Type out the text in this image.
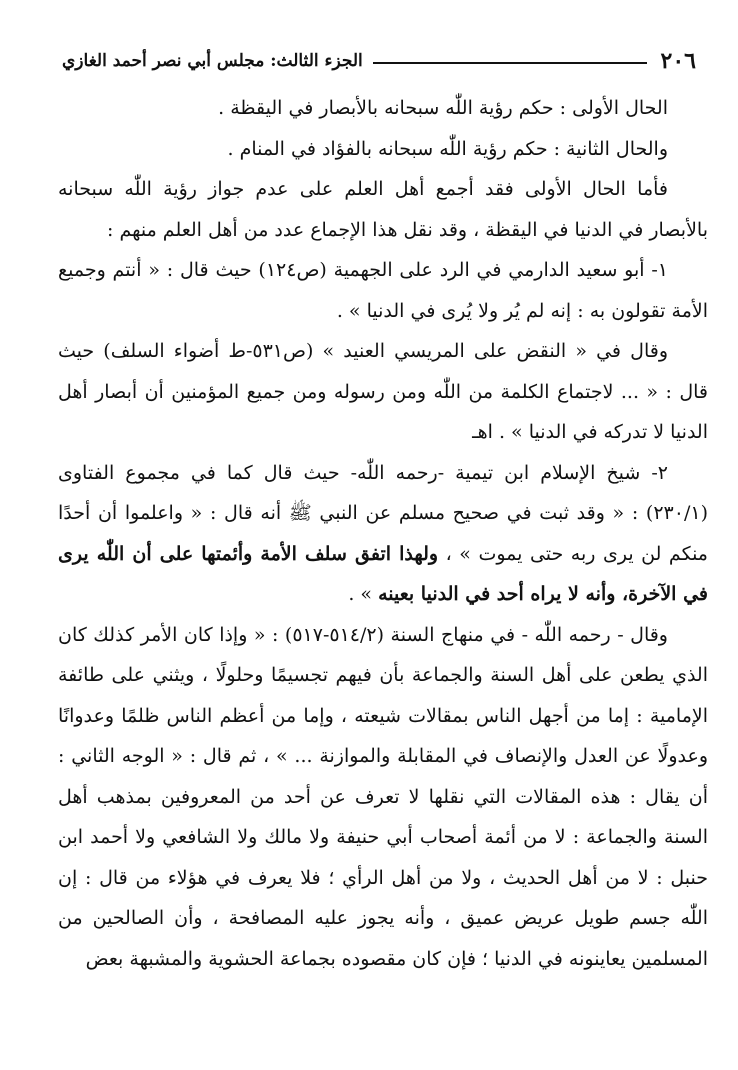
٢٠٦
الجزء الثالث: مجلس أبي نصر أحمد الغازي

الحال الأولى : حكم رؤية اللّٰه سبحانه بالأبصار في اليقظة .

والحال الثانية : حكم رؤية اللّٰه سبحانه بالفؤاد في المنام .

فأما الحال الأولى فقد أجمع أهل العلم على عدم جواز رؤية اللّٰه سبحانه بالأبصار في الدنيا في اليقظة ، وقد نقل هذا الإجماع عدد من أهل العلم منهم :

١- أبو سعيد الدارمي في الرد على الجهمية (ص١٢٤) حيث قال : « أنتم وجميع الأمة تقولون به : إنه لم يُر ولا يُرى في الدنيا » .

وقال في « النقض على المريسي العنيد » (ص٥٣١-ط أضواء السلف) حيث قال : « ... لاجتماع الكلمة من اللّٰه ومن رسوله ومن جميع المؤمنين أن أبصار أهل الدنيا لا تدركه في الدنيا » . اهـ

٢- شيخ الإسلام ابن تيمية -رحمه اللّٰه- حيث قال كما في مجموع الفتاوى (٢٣٠/١) : « وقد ثبت في صحيح مسلم عن النبي ﷺ أنه قال : « واعلموا أن أحدًا منكم لن يرى ربه حتى يموت » ، ولهذا اتفق سلف الأمة وأئمتها على أن اللّٰه يرى في الآخرة، وأنه لا يراه أحد في الدنيا بعينه » .

وقال - رحمه اللّٰه - في منهاج السنة (٥١٤/٢-٥١٧) : « وإذا كان الأمر كذلك كان الذي يطعن على أهل السنة والجماعة بأن فيهم تجسيمًا وحلولًا ، ويثني على طائفة الإمامية : إما من أجهل الناس بمقالات شيعته ، وإما من أعظم الناس ظلمًا وعدوانًا وعدولًا عن العدل والإنصاف في المقابلة والموازنة ... » ، ثم قال : « الوجه الثاني : أن يقال : هذه المقالات التي نقلها لا تعرف عن أحد من المعروفين بمذهب أهل السنة والجماعة : لا من أئمة أصحاب أبي حنيفة ولا مالك ولا الشافعي ولا أحمد ابن حنبل : لا من أهل الحديث ، ولا من أهل الرأي ؛ فلا يعرف في هؤلاء من قال : إن اللّٰه جسم طويل عريض عميق ، وأنه يجوز عليه المصافحة ، وأن الصالحين من المسلمين يعاينونه في الدنيا ؛ فإن كان مقصوده بجماعة الحشوية والمشبهة بعض
